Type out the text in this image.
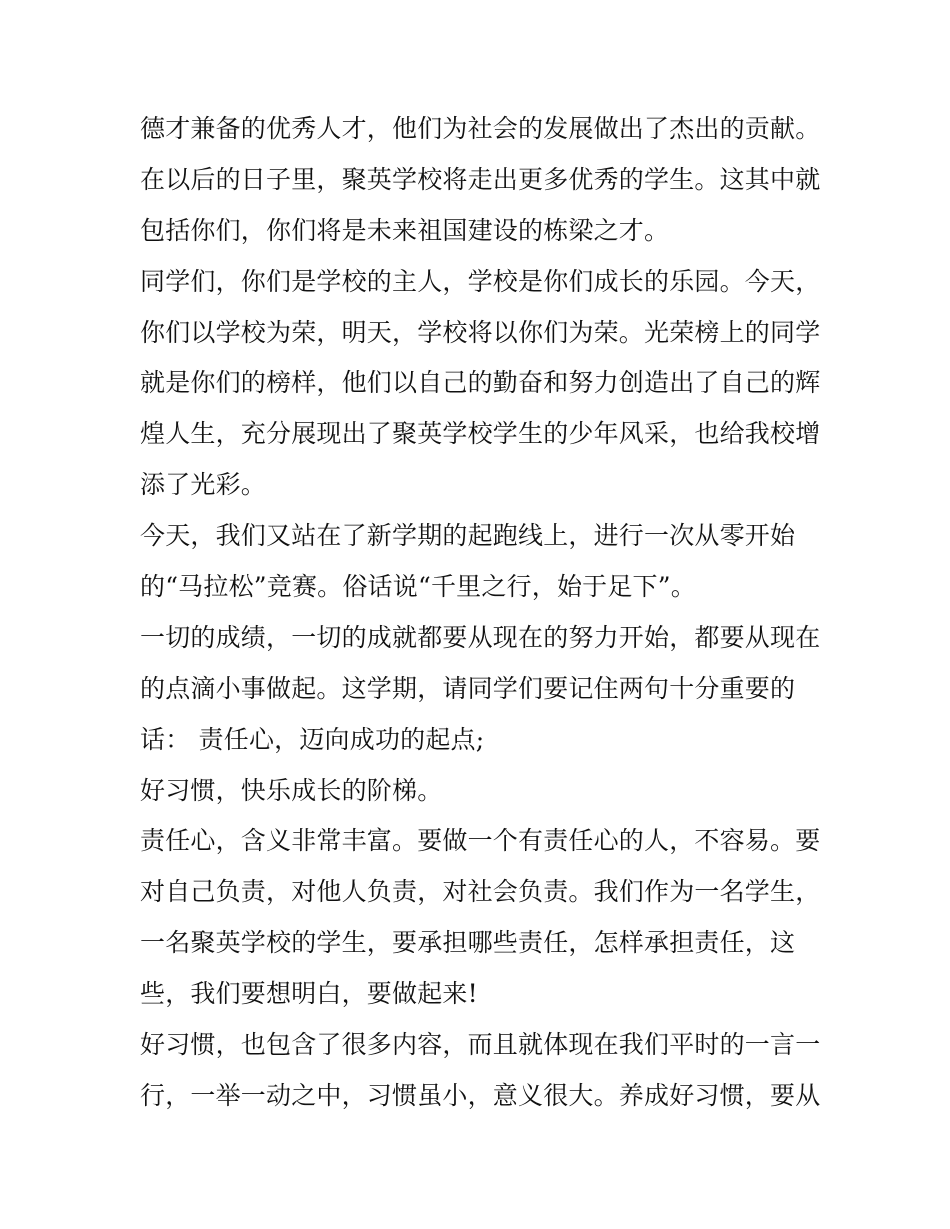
德才兼备的优秀人才，他们为社会的发展做出了杰出的贡献。
在以后的日子里，聚英学校将走出更多优秀的学生。这其中就
包括你们，你们将是未来祖国建设的栋梁之才。
同学们，你们是学校的主人，学校是你们成长的乐园。今天，
你们以学校为荣，明天，学校将以你们为荣。光荣榜上的同学
就是你们的榜样，他们以自己的勤奋和努力创造出了自己的辉
煌人生，充分展现出了聚英学校学生的少年风采，也给我校增
添了光彩。
今天，我们又站在了新学期的起跑线上，进行一次从零开始
的“马拉松”竞赛。俗话说“千里之行，始于足下”。
一切的成绩，一切的成就都要从现在的努力开始，都要从现在
的点滴小事做起。这学期，请同学们要记住两句十分重要的
话： 责任心，迈向成功的起点;
好习惯，快乐成长的阶梯。
责任心，含义非常丰富。要做一个有责任心的人，不容易。要
对自己负责，对他人负责，对社会负责。我们作为一名学生，
一名聚英学校的学生，要承担哪些责任，怎样承担责任，这
些，我们要想明白，要做起来!
好习惯，也包含了很多内容，而且就体现在我们平时的一言一
行，一举一动之中，习惯虽小，意义很大。养成好习惯，要从
